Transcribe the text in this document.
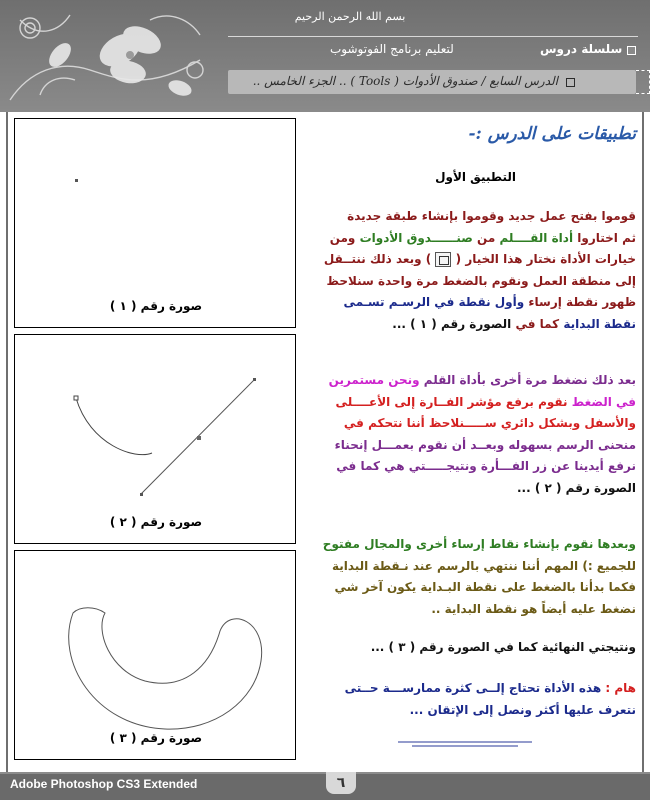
بسم الله الرحمن الرحيم
سلسلة دروس
لتعليم برنامج الفوتوشوب
الدرس السابع / صندوق الأدوات ( Tools ) .. الجزء الخامس ..
صورة رقم ( ١ )
صورة رقم ( ٢ )
صورة رقم ( ٣ )
تطبيقات على الدرس :-
التطبيق الأول
قوموا بفتح عمل جديد وقوموا بإنشاء طبقة جديدة
ثم اختاروا أداة القــــلم من صنــــــدوق الأدوات ومن
خيارات الأداة نختار هذا الخيار (  ) وبعد ذلك ننتــقل
إلى منطقة العمل ونقوم بالضغط مرة واحدة سنلاحظ
ظهور نقطة إرساء وأول نقطة في الرسـم تسـمى
نقطة البداية كما في الصورة رقم ( ١ ) ...
بعد ذلك نضغط مرة أخرى بأداة القلم ونحن مستمرين
في الضغط نقوم برفع مؤشر الفــارة إلى الأعــــلى
والأسفل وبشكل دائري ســـــنلاحظ أننا نتحكم في
منحنى الرسم بسهوله وبعــد أن نقوم بعمـــل إنحناء
نرفع أيدينا عن زر الفـــأرة ونتيجـــــتي هي كما في
الصورة رقم ( ٢ ) ...
وبعدها نقوم بإنشاء نقاط إرساء أخرى والمجال مفتوح
للجميع :) المهم أننا ننتهي بالرسم عند نـقطة البداية
فكما بدأنا بالضغط على نقطة البـداية يكون آخر شي
نضغط عليه أيضاً هو نقطة البداية ..
ونتيجتي النهائية كما في الصورة رقم ( ٣ ) ...
هام : هذه الأداة تحتاج إلــى كثرة ممارســـة حــتى
نتعرف عليها أكثر ونصل إلى الإتقان ...
Adobe Photoshop CS3 Extended	٦
